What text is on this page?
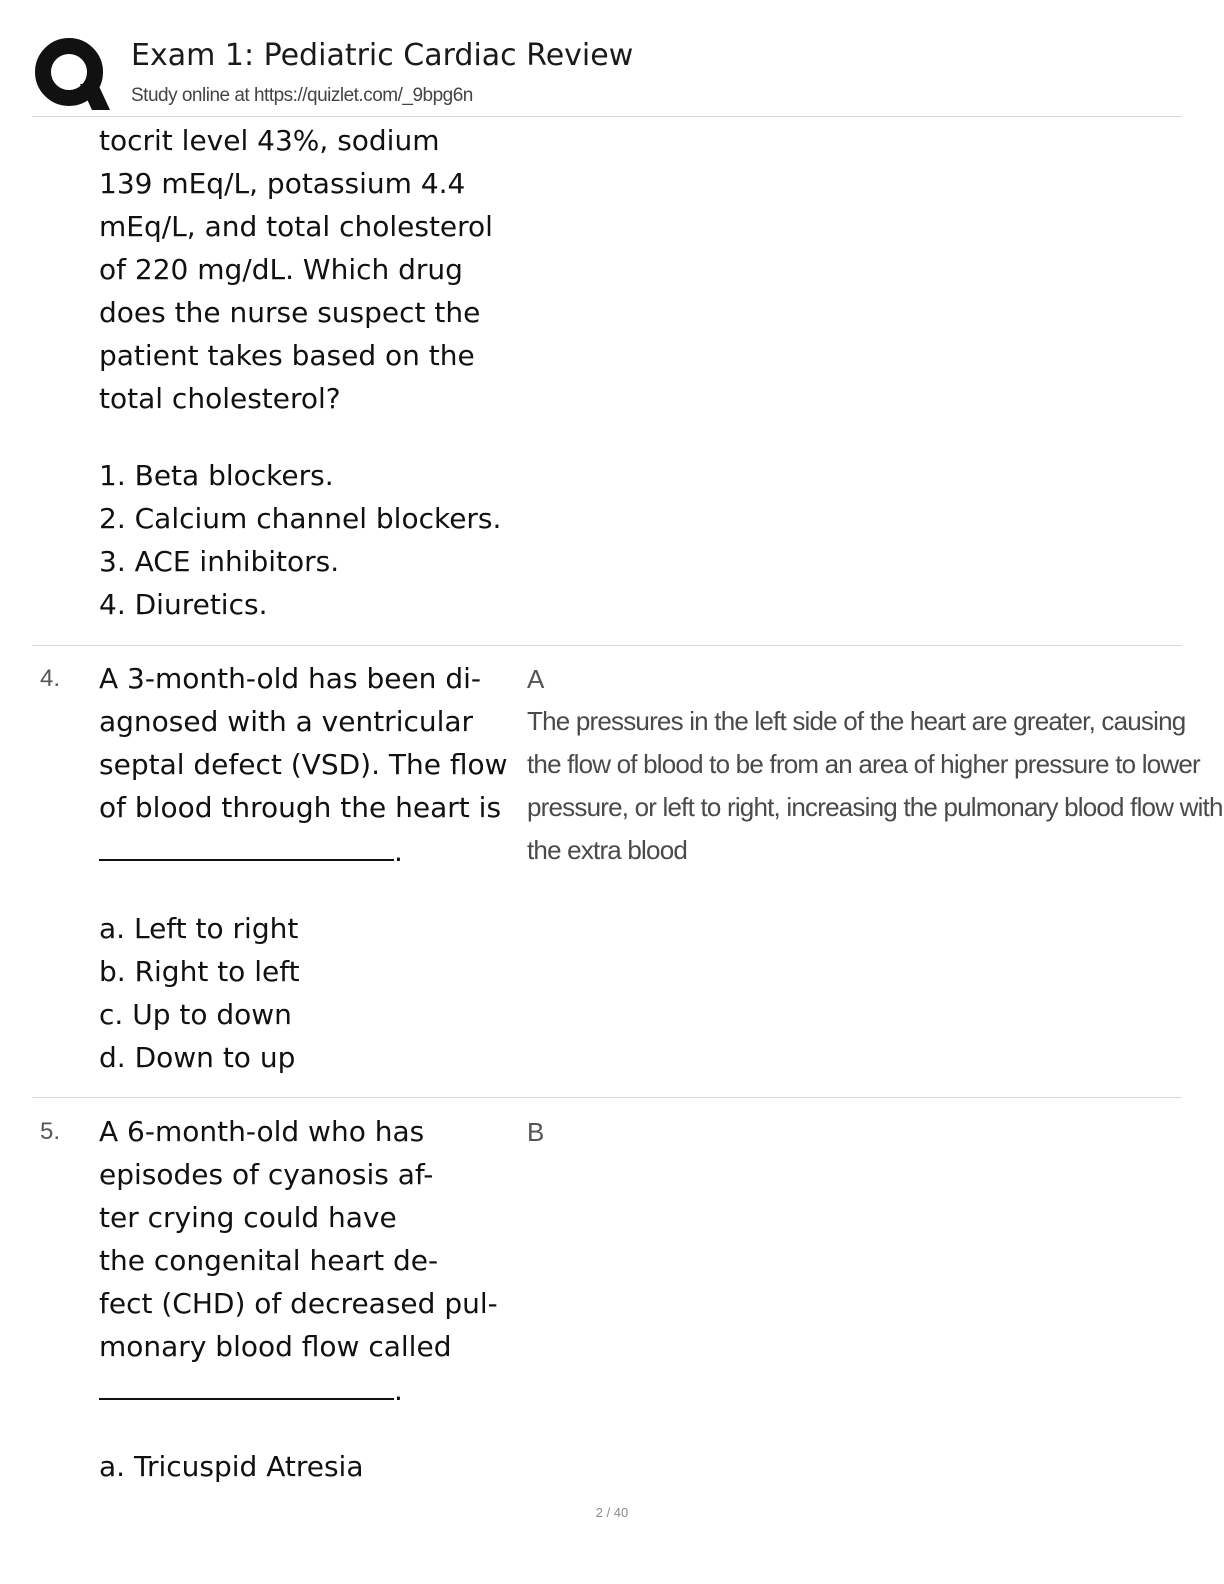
Exam 1: Pediatric Cardiac Review
Study online at https://quizlet.com/_9bpg6n
tocrit level 43%, sodium
139 mEq/L, potassium 4.4
mEq/L, and total cholesterol
of 220 mg/dL. Which drug
does the nurse suspect the
patient takes based on the
total cholesterol?
1. Beta blockers.
2. Calcium channel blockers.
3. ACE inhibitors.
4. Diuretics.
4. A 3-month-old has been di-
agnosed with a ventricular
septal defect (VSD). The flow
of blood through the heart is
.
A
The pressures in the left side of the heart are greater, causing
the flow of blood to be from an area of higher pressure to lower
pressure, or left to right, increasing the pulmonary blood flow with
the extra blood
a. Left to right
b. Right to left
c. Up to down
d. Down to up
5. A 6-month-old who has
episodes of cyanosis af-
ter crying could have
the congenital heart de-
fect (CHD) of decreased pul-
monary blood flow called
.
B
a. Tricuspid Atresia
2 / 40
